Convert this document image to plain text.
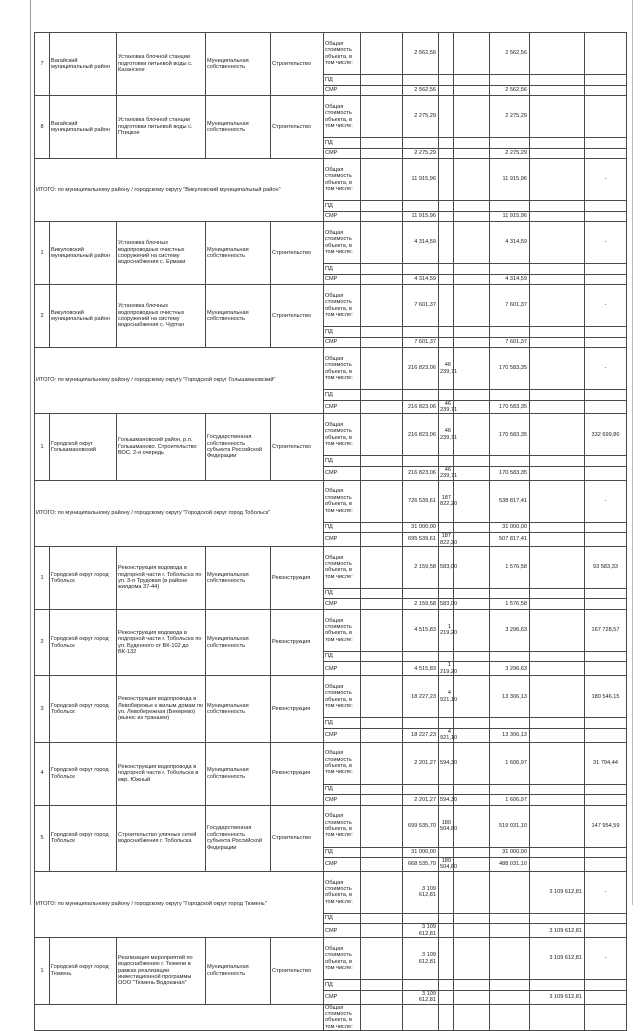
7	Вагайский муниципальный район	Установка блочной станции подготовки питьевой воды с. Казанское	Муниципальная собственность	Строительство	Общая стоимость объекта, в том числе:		2 562,56			2 562,56			
					ПД								
					СМР		2 562,56			2 562,56			
8	Вагайский муниципальный район	Установка блочной станции подготовки питьевой воды с. Птицкое	Муниципальная собственность	Строительство	Общая стоимость объекта, в том числе:		2 275,29			2 275,29			
					ПД								
					СМР		2 275,29			2 275,29			
ИТОГО: по муниципальному району / городскому округу "Викуловский муниципальный район"					Общая стоимость объекта, в том числе:		11 915,96			11 915,96		-	
					ПД								
					СМР		11 915,96			11 915,96			
1	Викуловский муниципальный район	Установка блочных водопроводных очистных сооружений на систему водоснабжения с. Ермаки	Муниципальная собственность	Строительство	Общая стоимость объекта, в том числе:		4 314,59			4 314,59		-	
					ПД								
					СМР		4 314,59			4 314,59			
2	Викуловский муниципальный район	Установка блочных водопроводных очистных сооружений на систему водоснабжения с. Чуртан	Муниципальная собственность	Строительство	Общая стоимость объекта, в том числе:		7 601,37			7 601,37		-	
					ПД								
					СМР		7 601,37			7 601,37			
ИТОГО: по муниципальному району / городскому округу "Городской округ Голышмановский"					Общая стоимость объекта, в том числе:		216 823,06	46 239,71		170 583,35		-	
					ПД								
					СМР		216 823,06	46 239,71		170 583,35			
1	Городской округ Голышмановский	Голышмановский район, р.п. Голышманово. Строительство ВОС. 2-я очередь	Государственная собственность субъекта Российской Федерации	Строительство	Общая стоимость объекта, в том числе:		216 823,06	46 239,71		170 583,35		332 699,86	
					ПД								
					СМР		216 823,06	46 239,71		170 583,35			
ИТОГО: по муниципальному району / городскому округу "Городской округ город Тобольск"					Общая стоимость объекта, в том числе:		726 539,61	187 822,20		538 817,41		-	
					ПД		31 000,00			31 000,00			
					СМР		695 539,61	187 822,20		507 817,41			
1	Городской округ город Тобольск	Реконструкция водовода в подгорной части г. Тобольска по ул. 3-я Трудовая (в районе жилдома 37-44)	Муниципальная собственность	Реконструкция	Общая стоимость объекта, в том числе:		2 159,58	583,00		1 576,58		93 583,33	
					ПД								
					СМР		2 159,58	583,00		1 576,58			
2	Городской округ город Тобольск	Реконструкция водовода в подгорной части г. Тобольска по ул. Буденного от ВК-102 до ВК-132	Муниципальная собственность	Реконструкция	Общая стоимость объекта, в том числе:		4 515,83	1 219,20		3 296,63		167 728,57	
					ПД								
					СМР		4 515,83	1 219,20		3 296,63			
3	Городской округ город Тобольск	Реконструкция водопровода в Левобережье к жилым домам по ул. Левобережная (Бекерево) (вынос из траншеи)	Муниципальная собственность	Реконструкция	Общая стоимость объекта, в том числе:		18 227,23	4 921,10		13 306,13		180 546,15	
					ПД								
					СМР		18 227,23	4 921,10		13 306,13			
4	Городской округ город Тобольск	Реконструкция водопровода в подгорной части г. Тобольска в мкр. Южный	Муниципальная собственность	Реконструкция	Общая стоимость объекта, в том числе:		2 201,27	594,30		1 606,97		31 794,44	
					ПД								
					СМР		2 201,27	594,30		1 606,97			
5	Городской округ город Тобольск	Строительство уличных сетей водоснабжения г. Тобольска	Государственная собственность субъекта Российской Федерации	Строительство	Общая стоимость объекта, в том числе:		699 535,70	180 504,60		519 031,10		147 954,59	
					ПД		31 000,00			31 000,00			
					СМР		668 535,70	180 504,60		488 031,10			
ИТОГО: по муниципальному району / городскому округу "Городской округ город Тюмень"					Общая стоимость объекта, в том числе:		3 109 612,81				3 109 612,81	-	
					ПД								
					СМР		3 109 612,81				3 109 612,81		
1	Городской округ город Тюмень	Реализация мероприятий по водоснабжению г. Тюмени в рамках реализации инвестиционной программы ООО "Тюмень Водоканал"	Муниципальная собственность	Строительство	Общая стоимость объекта, в том числе:		3 109 612,81				3 109 612,81	-	
					ПД								
					СМР		3 109 612,81				3 109 612,81		
					Общая стоимость объекта, в том числе:								
